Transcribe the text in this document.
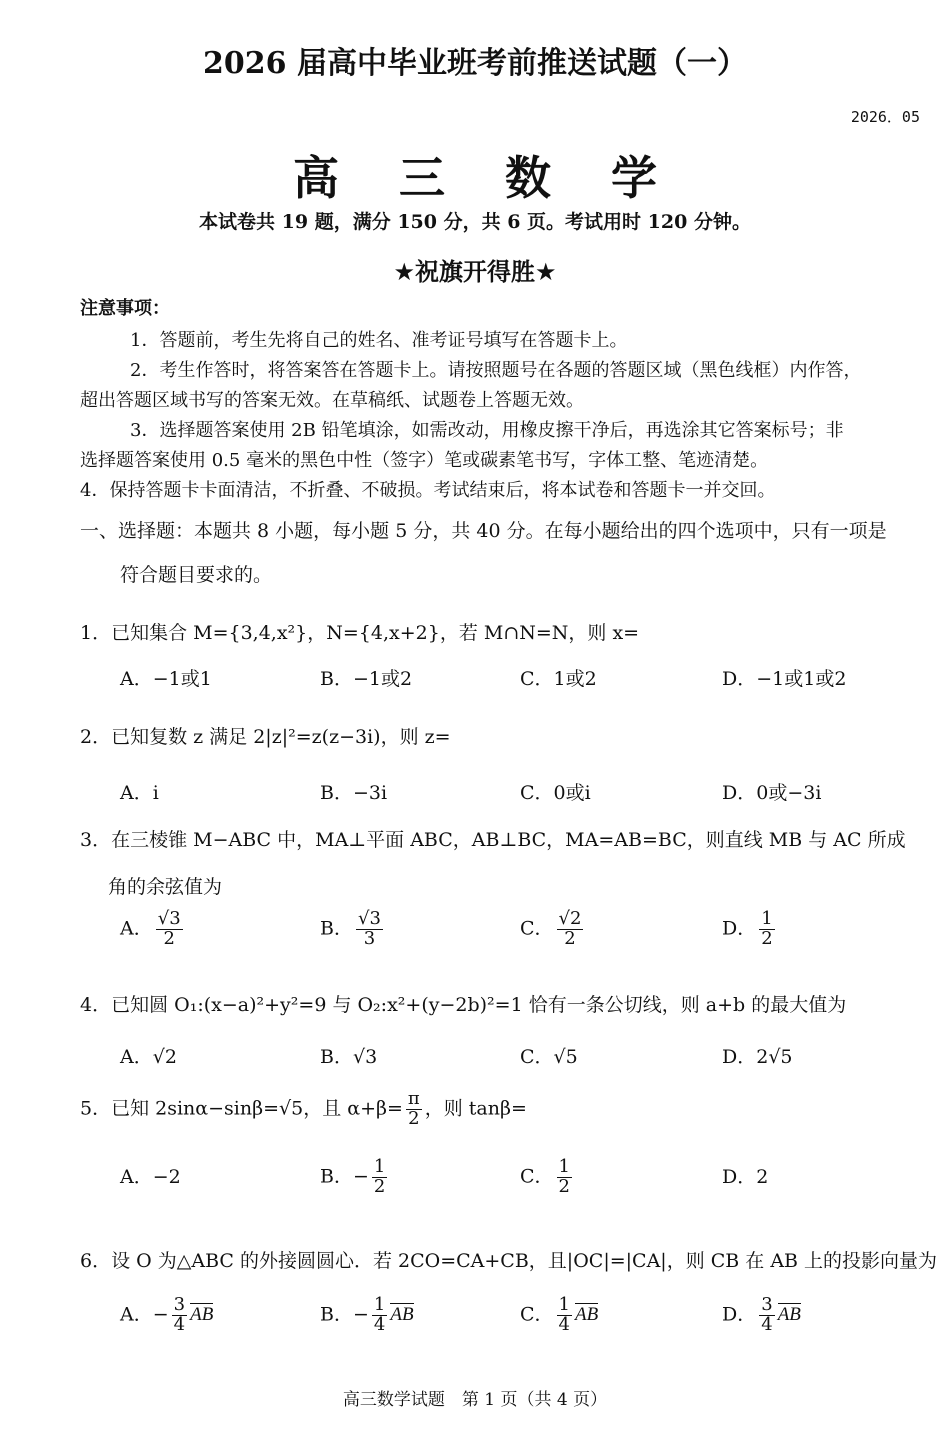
2026 届高中毕业班考前推送试题（一）
2026．05
高 三 数 学
本试卷共 19 题，满分 150 分，共 6 页。考试用时 120 分钟。
★祝旗开得胜★
注意事项：
1．答题前，考生先将自己的姓名、准考证号填写在答题卡上。
2．考生作答时，将答案答在答题卡上。请按照题号在各题的答题区域（黑色线框）内作答，
超出答题区域书写的答案无效。在草稿纸、试题卷上答题无效。
3．选择题答案使用 2B 铅笔填涂，如需改动，用橡皮擦干净后，再选涂其它答案标号；非
选择题答案使用 0.5 毫米的黑色中性（签字）笔或碳素笔书写，字体工整、笔迹清楚。
4．保持答题卡卡面清洁，不折叠、不破损。考试结束后，将本试卷和答题卡一并交回。
一、选择题：本题共 8 小题，每小题 5 分，共 40 分。在每小题给出的四个选项中，只有一项是
符合题目要求的。
1．已知集合 M={3,4,x²}，N={4,x+2}，若 M∩N=N，则 x=
A．−1或1	B．−1或2	C．1或2	D．−1或1或2
2．已知复数 z 满足 2|z|²=z(z−3i)，则 z=
A．i	B．−3i	C．0或i	D．0或−3i
3．在三棱锥 M−ABC 中，MA⊥平面 ABC，AB⊥BC，MA=AB=BC，则直线 MB 与 AC 所成
角的余弦值为
A． $\frac{√3}{2}$	B． $\frac{√3}{3}$	C． $\frac{√2}{2}$	D． $\frac{1}{2}$
4．已知圆 O₁:(x−a)²+y²=9 与 O₂:x²+(y−2b)²=1 恰有一条公切线，则 a+b 的最大值为
A．√2	B．√3	C．√5	D．2√5
5．已知 2sinα−sinβ=√5，且 $\alpha+\beta= \frac{\pi}{2}$ ，则 tanβ=
A．−2	B．− $\frac{1}{2}$	C． $\frac{1}{2}$	D．2
6．设 O 为△ABC 的外接圆圆心．若 2CO=CA+CB，且|OC|=|CA|，则 CB 在 AB 上的投影向量为
A．− $\frac{3}{4}$ AB	B．− $\frac{1}{4}$ AB	C． $\frac{1}{4}$ AB	D． $\frac{3}{4}$ AB
高三数学试题　第 1 页（共 4 页）
